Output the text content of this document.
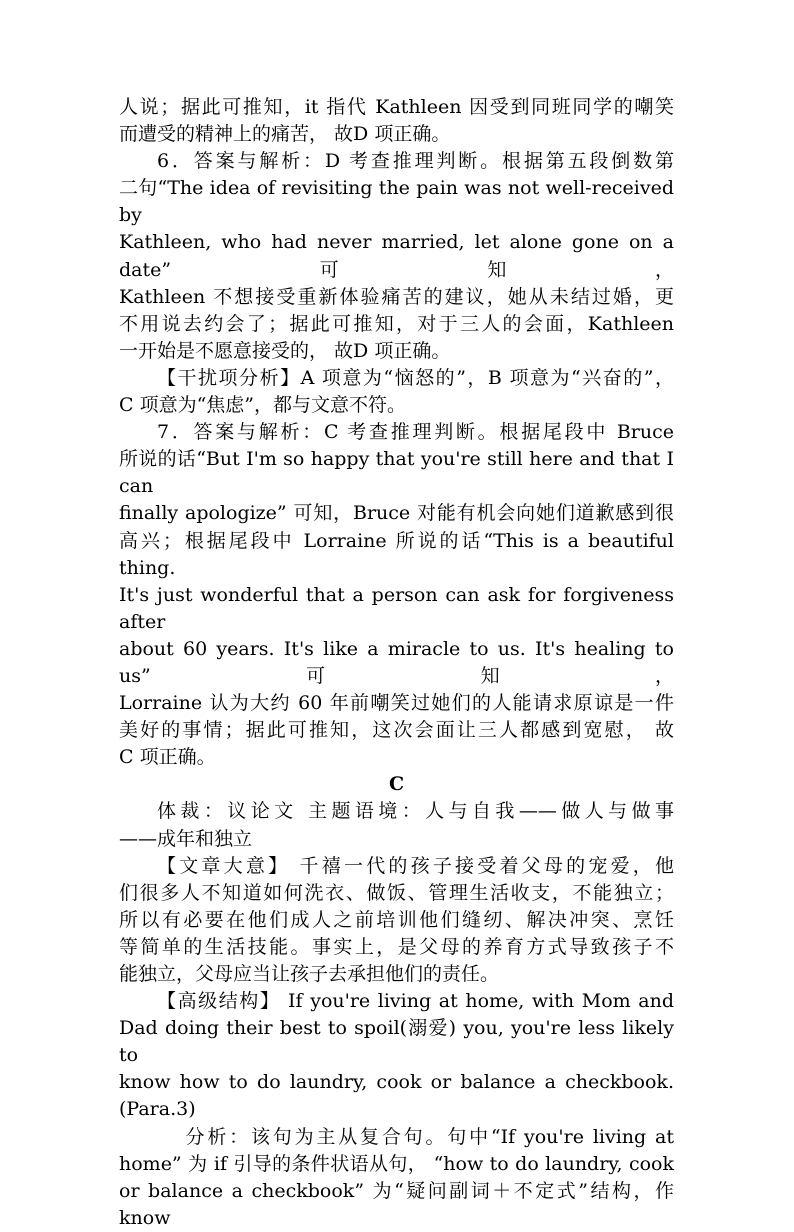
人说；据此可推知，it 指代 Kathleen 因受到同班同学的嘲笑

而遭受的精神上的痛苦， 故D 项正确。

6．答案与解析：D 考查推理判断。根据第五段倒数第

二句“The idea of revisiting the pain was not well-received by

Kathleen, who had never married, let alone gone on a date”可知，

Kathleen 不想接受重新体验痛苦的建议，她从未结过婚，更

不用说去约会了；据此可推知，对于三人的会面，Kathleen

一开始是不愿意接受的， 故D 项正确。

【干扰项分析】A 项意为“恼怒的”，B 项意为“兴奋的”，

C 项意为“焦虑”，都与文意不符。

7．答案与解析：C 考查推理判断。根据尾段中 Bruce

所说的话“But I'm so happy that you're still here and that I can

finally apologize” 可知，Bruce 对能有机会向她们道歉感到很

高兴；根据尾段中 Lorraine 所说的话“This is a beautiful thing.

It's just wonderful that a person can ask for forgiveness after

about 60 years. It's like a miracle to us. It's healing to us”可知，

Lorraine 认为大约 60 年前嘲笑过她们的人能请求原谅是一件

美好的事情；据此可推知，这次会面让三人都感到宽慰， 故

C 项正确。

C

体裁：议论文 主题语境：人与自我——做人与做事

——成年和独立

【文章大意】 千禧一代的孩子接受着父母的宠爱，他

们很多人不知道如何洗衣、做饭、管理生活收支，不能独立；

所以有必要在他们成人之前培训他们缝纫、解决冲突、烹饪

等简单的生活技能。事实上，是父母的养育方式导致孩子不

能独立，父母应当让孩子去承担他们的责任。

【高级结构】 If you're living at home, with Mom and

Dad doing their best to spoil(溺爱) you, you're less likely to

know how to do laundry, cook or balance a checkbook.(Para.3)

分析：该句为主从复合句。句中“If you're living at

home” 为 if 引导的条件状语从句， “how to do laundry, cook

or balance a checkbook” 为“疑问副词＋不定式”结构，作 know
